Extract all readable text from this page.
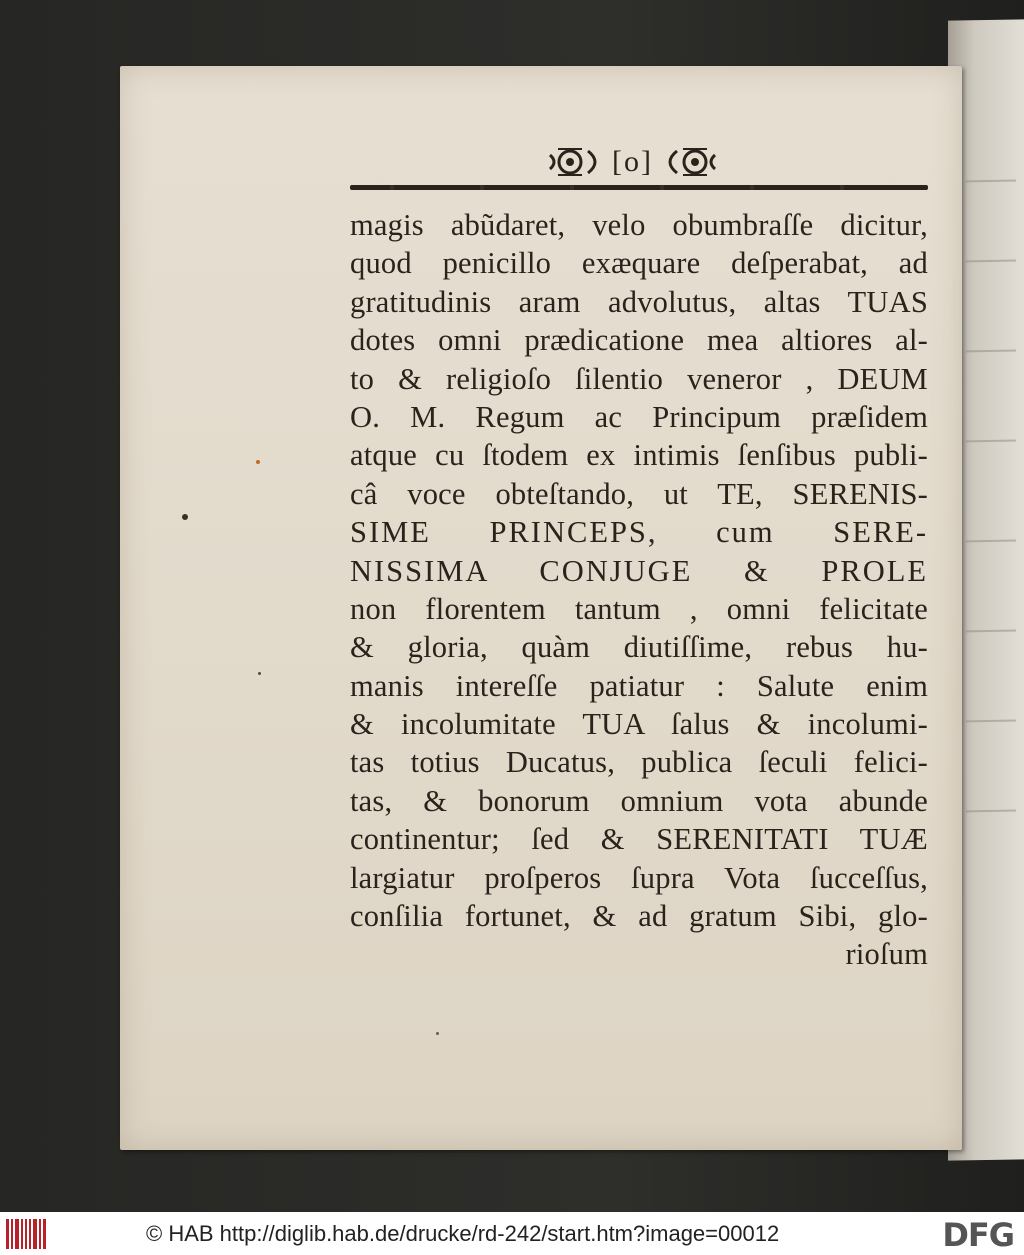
[o]
magis abũdaret, velo obumbraſſe dicitur,
quod penicillo exæquare deſperabat, ad
gratitudinis aram advolutus, altas TUAS
dotes omni prædicatione mea altiores al-
to & religioſo ſilentio veneror , DEUM
O. M. Regum ac Principum præſidem
atque cu ſtodem ex intimis ſenſibus publi-
câ voce obteſtando, ut TE, SERENIS-
SIME PRINCEPS, cum SERE-
NISSIMA CONJUGE & PROLE
non florentem tantum , omni felicitate
& gloria, quàm diutiſſime, rebus hu-
manis intereſſe patiatur : Salute enim
& incolumitate TUA ſalus & incolumi-
tas totius Ducatus, publica ſeculi felici-
tas, & bonorum omnium vota abunde
continentur; ſed & SERENITATI TUÆ
largiatur proſperos ſupra Vota ſucceſſus,
conſilia fortunet, & ad gratum Sibi, glo-
rioſum
© HAB http://diglib.hab.de/drucke/rd-242/start.htm?image=00012	DFG
